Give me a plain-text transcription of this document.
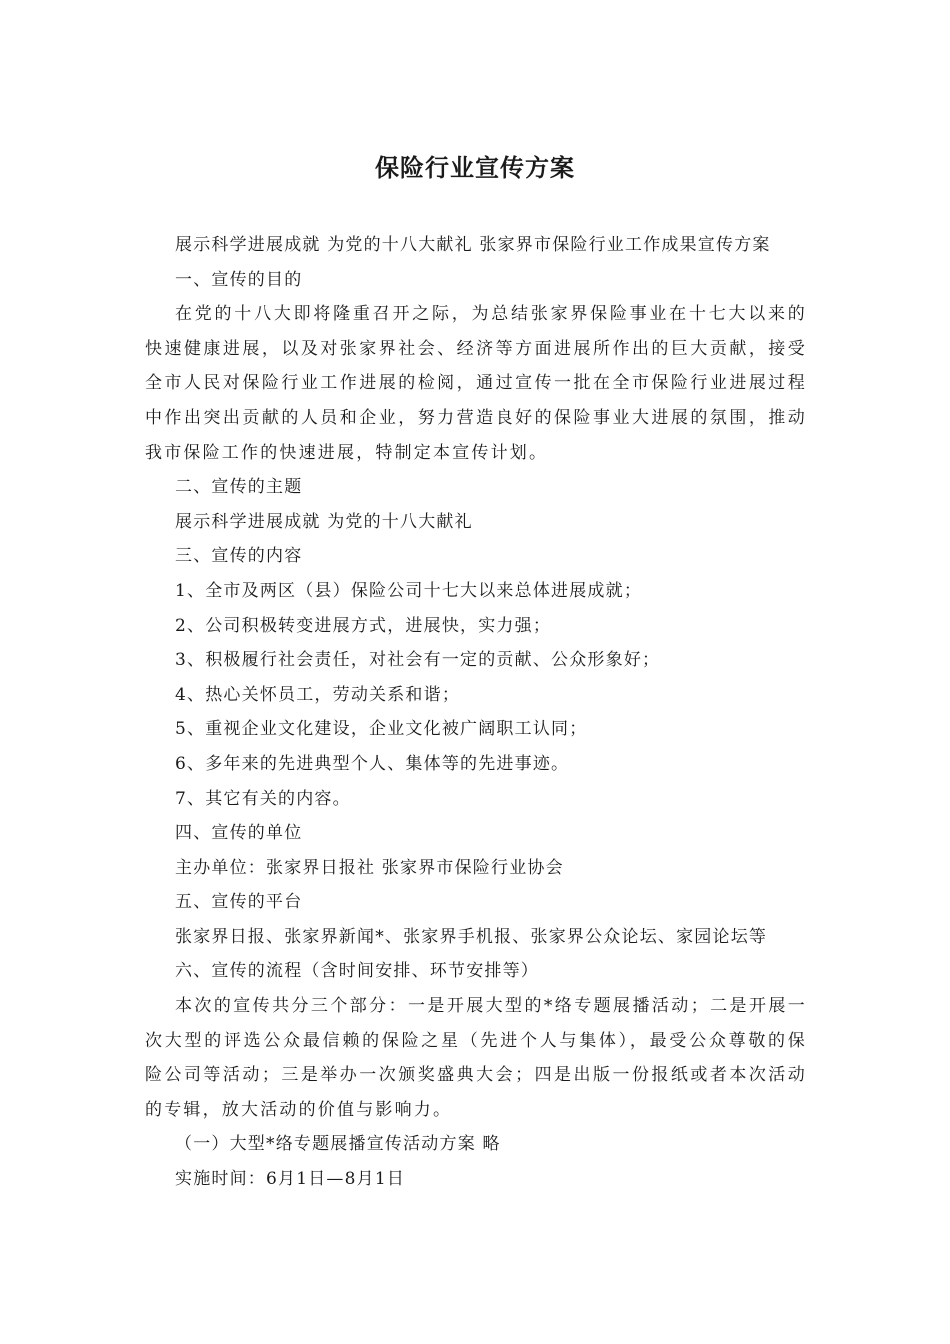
保险行业宣传方案

展示科学进展成就 为党的十八大献礼 张家界市保险行业工作成果宣传方案

一、宣传的目的

在党的十八大即将隆重召开之际，为总结张家界保险事业在十七大以来的快速健康进展，以及对张家界社会、经济等方面进展所作出的巨大贡献，接受全市人民对保险行业工作进展的检阅，通过宣传一批在全市保险行业进展过程中作出突出贡献的人员和企业，努力营造良好的保险事业大进展的氛围，推动我市保险工作的快速进展，特制定本宣传计划。

二、宣传的主题

展示科学进展成就 为党的十八大献礼

三、宣传的内容

1、全市及两区（县）保险公司十七大以来总体进展成就；

2、公司积极转变进展方式，进展快，实力强；

3、积极履行社会责任，对社会有一定的贡献、公众形象好；

4、热心关怀员工，劳动关系和谐；

5、重视企业文化建设，企业文化被广阔职工认同；

6、多年来的先进典型个人、集体等的先进事迹。

7、其它有关的内容。

四、宣传的单位

主办单位：张家界日报社 张家界市保险行业协会

五、宣传的平台

张家界日报、张家界新闻*、张家界手机报、张家界公众论坛、家园论坛等

六、宣传的流程（含时间安排、环节安排等）

本次的宣传共分三个部分：一是开展大型的*络专题展播活动；二是开展一次大型的评选公众最信赖的保险之星（先进个人与集体），最受公众尊敬的保险公司等活动；三是举办一次颁奖盛典大会；四是出版一份报纸或者本次活动的专辑，放大活动的价值与影响力。

（一）大型*络专题展播宣传活动方案 略

实施时间：6月1日—8月1日
